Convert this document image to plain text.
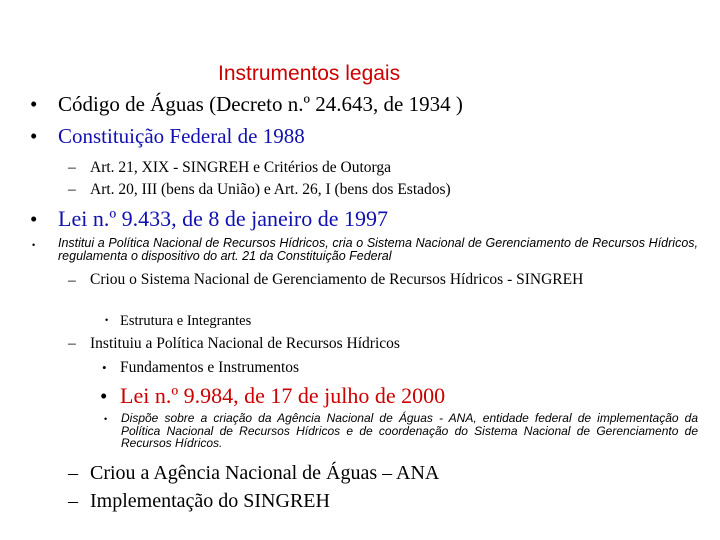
Instrumentos legais
• Código de Águas (Decreto n.º 24.643, de 1934 )
• Constituição Federal de 1988
– Art. 21, XIX - SINGREH e Critérios de Outorga
– Art. 20, III (bens da União) e Art. 26, I (bens dos Estados)
• Lei n.º 9.433, de 8 de janeiro de 1997
• Institui a Política Nacional de Recursos Hídricos, cria o Sistema Nacional de Gerenciamento de Recursos Hídricos, regulamenta o dispositivo do art. 21 da Constituição Federal
– Criou o Sistema Nacional de Gerenciamento de Recursos Hídricos - SINGREH
• Estrutura e Integrantes
– Instituiu a Política Nacional de Recursos Hídricos
• Fundamentos e Instrumentos
• Lei n.º 9.984, de 17 de julho de 2000
• Dispõe sobre a criação da Agência Nacional de Águas - ANA, entidade federal de implementação da Política Nacional de Recursos Hídricos e de coordenação do Sistema Nacional de Gerenciamento de Recursos Hídricos.
– Criou a Agência Nacional de Águas – ANA
– Implementação do SINGREH
